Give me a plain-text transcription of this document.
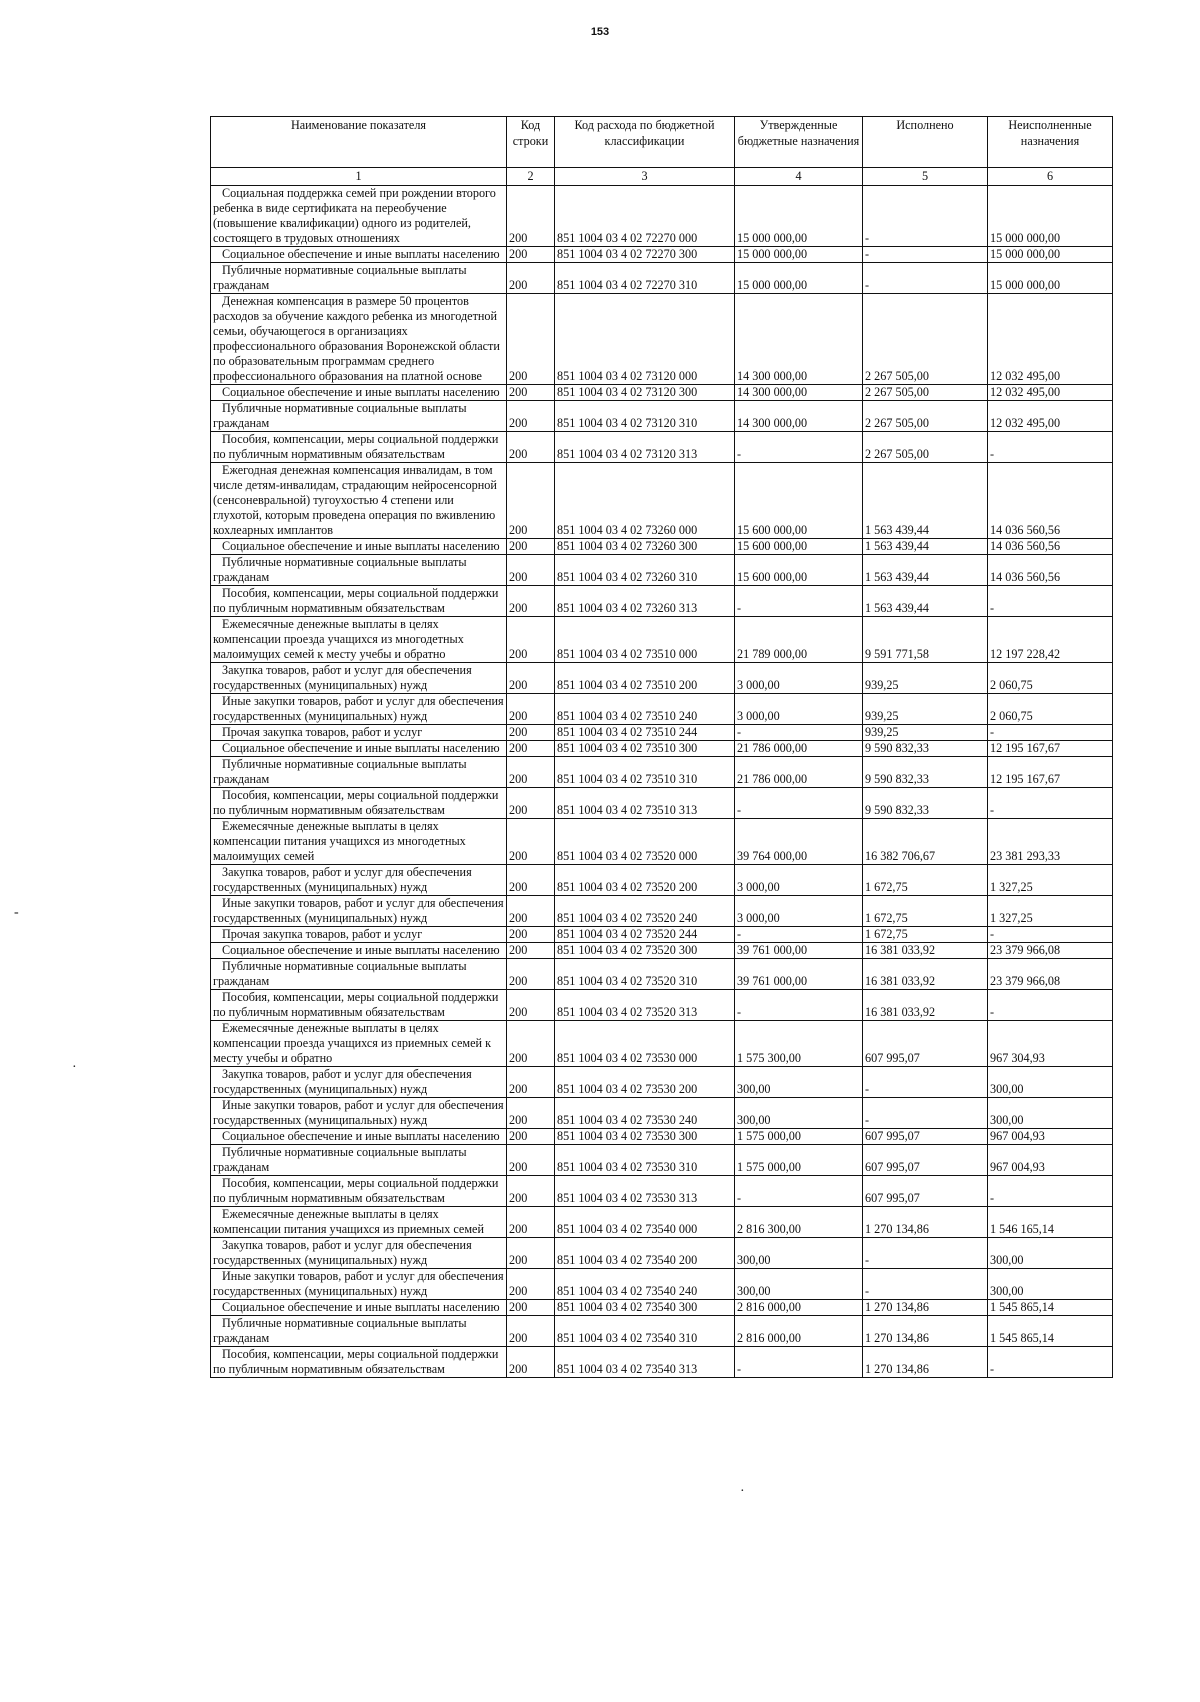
153
Наименование показателя	Код строки	Код расхода по бюджетной классификации	Утвержденные бюджетные назначения	Исполнено	Неисполненные назначения
1	2	3	4	5	6
Социальная поддержка семей при рождении второго ребенка в виде сертификата на переобучение (повышение квалификации) одного из родителей, состоящего в трудовых отношениях	200	851 1004 03 4 02 72270 000	15 000 000,00	-	15 000 000,00
Социальное обеспечение и иные выплаты населению	200	851 1004 03 4 02 72270 300	15 000 000,00	-	15 000 000,00
Публичные нормативные социальные выплаты гражданам	200	851 1004 03 4 02 72270 310	15 000 000,00	-	15 000 000,00
Денежная компенсация в размере 50 процентов расходов за обучение каждого ребенка из многодетной семьи, обучающегося в организациях профессионального образования Воронежской области по образовательным программам среднего профессионального образования на платной основе	200	851 1004 03 4 02 73120 000	14 300 000,00	2 267 505,00	12 032 495,00
Социальное обеспечение и иные выплаты населению	200	851 1004 03 4 02 73120 300	14 300 000,00	2 267 505,00	12 032 495,00
Публичные нормативные социальные выплаты гражданам	200	851 1004 03 4 02 73120 310	14 300 000,00	2 267 505,00	12 032 495,00
Пособия, компенсации, меры социальной поддержки по публичным нормативным обязательствам	200	851 1004 03 4 02 73120 313	-	2 267 505,00	-
Ежегодная денежная компенсация инвалидам, в том числе детям-инвалидам, страдающим нейросенсорной (сенсоневральной) тугоухостью 4 степени или глухотой, которым проведена операция по вживлению кохлеарных имплантов	200	851 1004 03 4 02 73260 000	15 600 000,00	1 563 439,44	14 036 560,56
Социальное обеспечение и иные выплаты населению	200	851 1004 03 4 02 73260 300	15 600 000,00	1 563 439,44	14 036 560,56
Публичные нормативные социальные выплаты гражданам	200	851 1004 03 4 02 73260 310	15 600 000,00	1 563 439,44	14 036 560,56
Пособия, компенсации, меры социальной поддержки по публичным нормативным обязательствам	200	851 1004 03 4 02 73260 313	-	1 563 439,44	-
Ежемесячные денежные выплаты в целях компенсации проезда учащихся из многодетных малоимущих семей к месту учебы и обратно	200	851 1004 03 4 02 73510 000	21 789 000,00	9 591 771,58	12 197 228,42
Закупка товаров, работ и услуг для обеспечения государственных (муниципальных) нужд	200	851 1004 03 4 02 73510 200	3 000,00	939,25	2 060,75
Иные закупки товаров, работ и услуг для обеспечения государственных (муниципальных) нужд	200	851 1004 03 4 02 73510 240	3 000,00	939,25	2 060,75
Прочая закупка товаров, работ и услуг	200	851 1004 03 4 02 73510 244	-	939,25	-
Социальное обеспечение и иные выплаты населению	200	851 1004 03 4 02 73510 300	21 786 000,00	9 590 832,33	12 195 167,67
Публичные нормативные социальные выплаты гражданам	200	851 1004 03 4 02 73510 310	21 786 000,00	9 590 832,33	12 195 167,67
Пособия, компенсации, меры социальной поддержки по публичным нормативным обязательствам	200	851 1004 03 4 02 73510 313	-	9 590 832,33	-
Ежемесячные денежные выплаты в целях компенсации питания учащихся из многодетных малоимущих семей	200	851 1004 03 4 02 73520 000	39 764 000,00	16 382 706,67	23 381 293,33
Закупка товаров, работ и услуг для обеспечения государственных (муниципальных) нужд	200	851 1004 03 4 02 73520 200	3 000,00	1 672,75	1 327,25
Иные закупки товаров, работ и услуг для обеспечения государственных (муниципальных) нужд	200	851 1004 03 4 02 73520 240	3 000,00	1 672,75	1 327,25
Прочая закупка товаров, работ и услуг	200	851 1004 03 4 02 73520 244	-	1 672,75	-
Социальное обеспечение и иные выплаты населению	200	851 1004 03 4 02 73520 300	39 761 000,00	16 381 033,92	23 379 966,08
Публичные нормативные социальные выплаты гражданам	200	851 1004 03 4 02 73520 310	39 761 000,00	16 381 033,92	23 379 966,08
Пособия, компенсации, меры социальной поддержки по публичным нормативным обязательствам	200	851 1004 03 4 02 73520 313	-	16 381 033,92	-
Ежемесячные денежные выплаты в целях компенсации проезда учащихся из приемных семей к месту учебы и обратно	200	851 1004 03 4 02 73530 000	1 575 300,00	607 995,07	967 304,93
Закупка товаров, работ и услуг для обеспечения государственных (муниципальных) нужд	200	851 1004 03 4 02 73530 200	300,00	-	300,00
Иные закупки товаров, работ и услуг для обеспечения государственных (муниципальных) нужд	200	851 1004 03 4 02 73530 240	300,00	-	300,00
Социальное обеспечение и иные выплаты населению	200	851 1004 03 4 02 73530 300	1 575 000,00	607 995,07	967 004,93
Публичные нормативные социальные выплаты гражданам	200	851 1004 03 4 02 73530 310	1 575 000,00	607 995,07	967 004,93
Пособия, компенсации, меры социальной поддержки по публичным нормативным обязательствам	200	851 1004 03 4 02 73530 313	-	607 995,07	-
Ежемесячные денежные выплаты в целях компенсации питания учащихся из приемных семей	200	851 1004 03 4 02 73540 000	2 816 300,00	1 270 134,86	1 546 165,14
Закупка товаров, работ и услуг для обеспечения государственных (муниципальных) нужд	200	851 1004 03 4 02 73540 200	300,00	-	300,00
Иные закупки товаров, работ и услуг для обеспечения государственных (муниципальных) нужд	200	851 1004 03 4 02 73540 240	300,00	-	300,00
Социальное обеспечение и иные выплаты населению	200	851 1004 03 4 02 73540 300	2 816 000,00	1 270 134,86	1 545 865,14
Публичные нормативные социальные выплаты гражданам	200	851 1004 03 4 02 73540 310	2 816 000,00	1 270 134,86	1 545 865,14
Пособия, компенсации, меры социальной поддержки по публичным нормативным обязательствам	200	851 1004 03 4 02 73540 313	-	1 270 134,86	-
-
·
·
